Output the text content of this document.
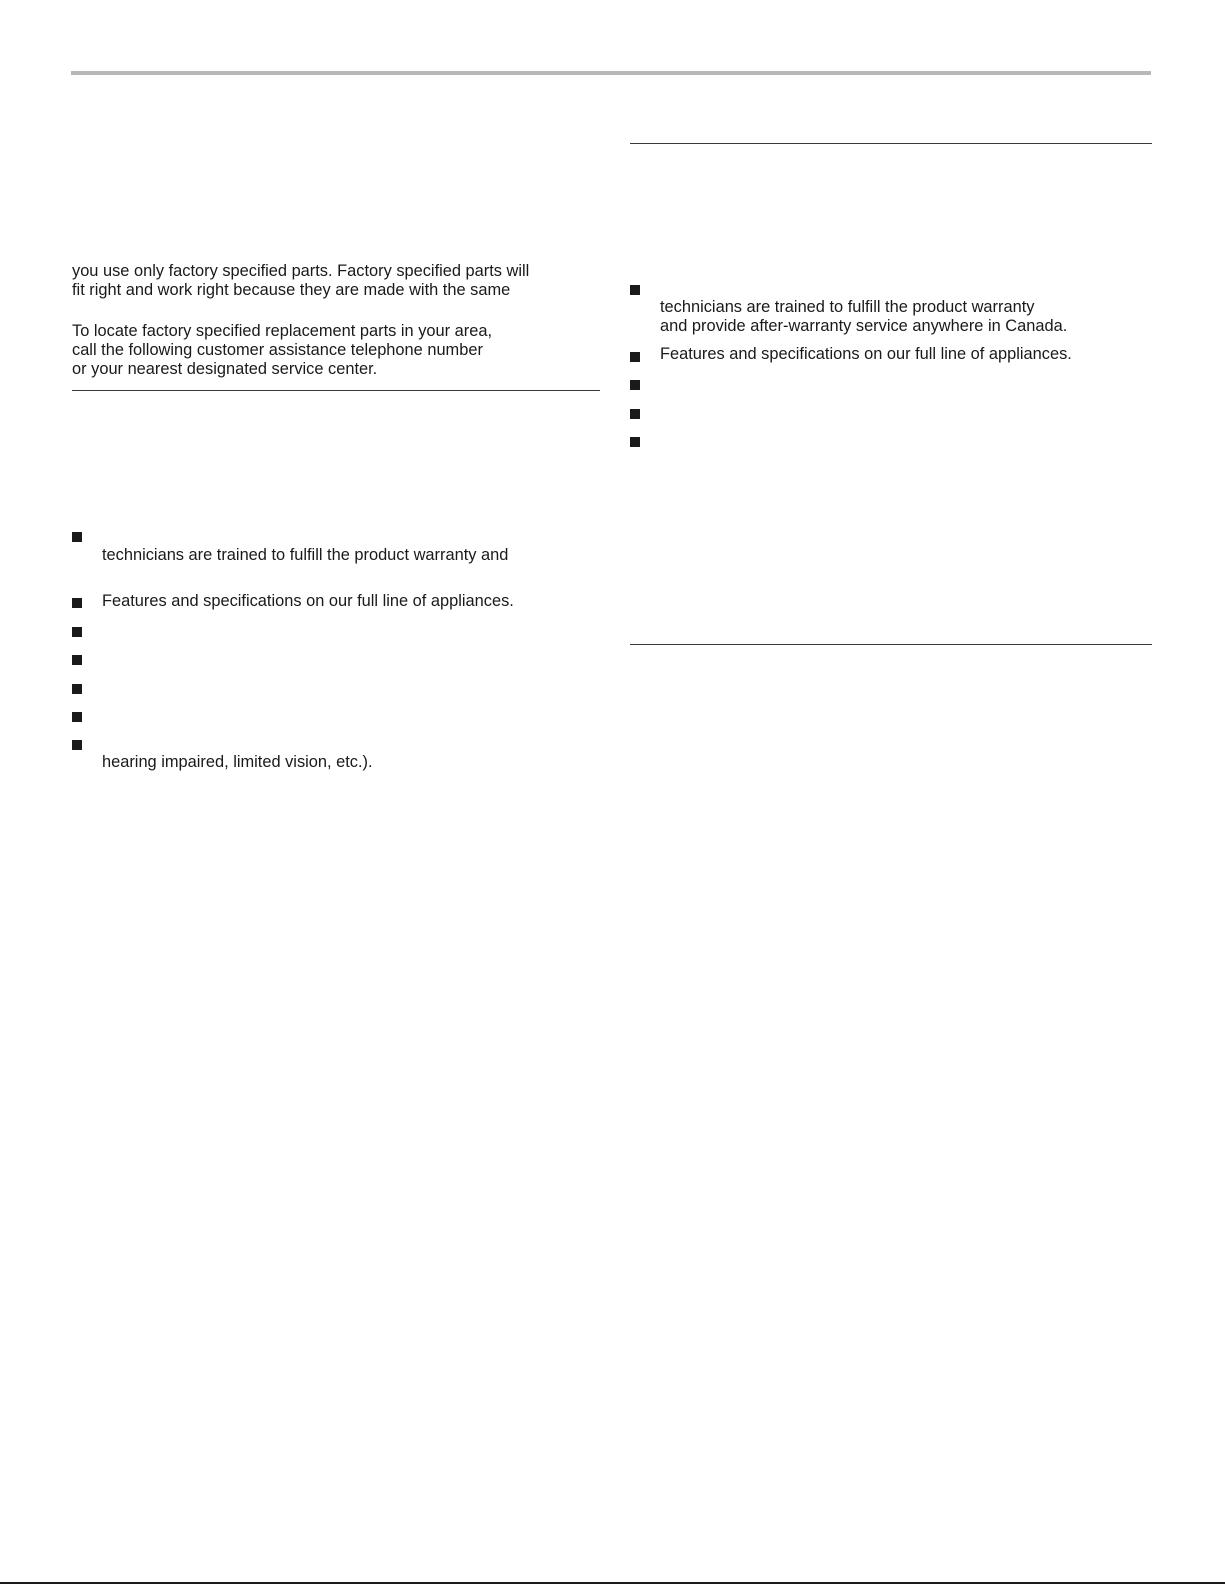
you use only factory specified parts. Factory specified parts will
fit right and work right because they are made with the same

To locate factory specified replacement parts in your area,
call the following customer assistance telephone number
or your nearest designated service center.

technicians are trained to fulfill the product warranty and
Features and specifications on our full line of appliances.
hearing impaired, limited vision, etc.).
technicians are trained to fulfill the product warranty
and provide after-warranty service anywhere in Canada.
Features and specifications on our full line of appliances.
